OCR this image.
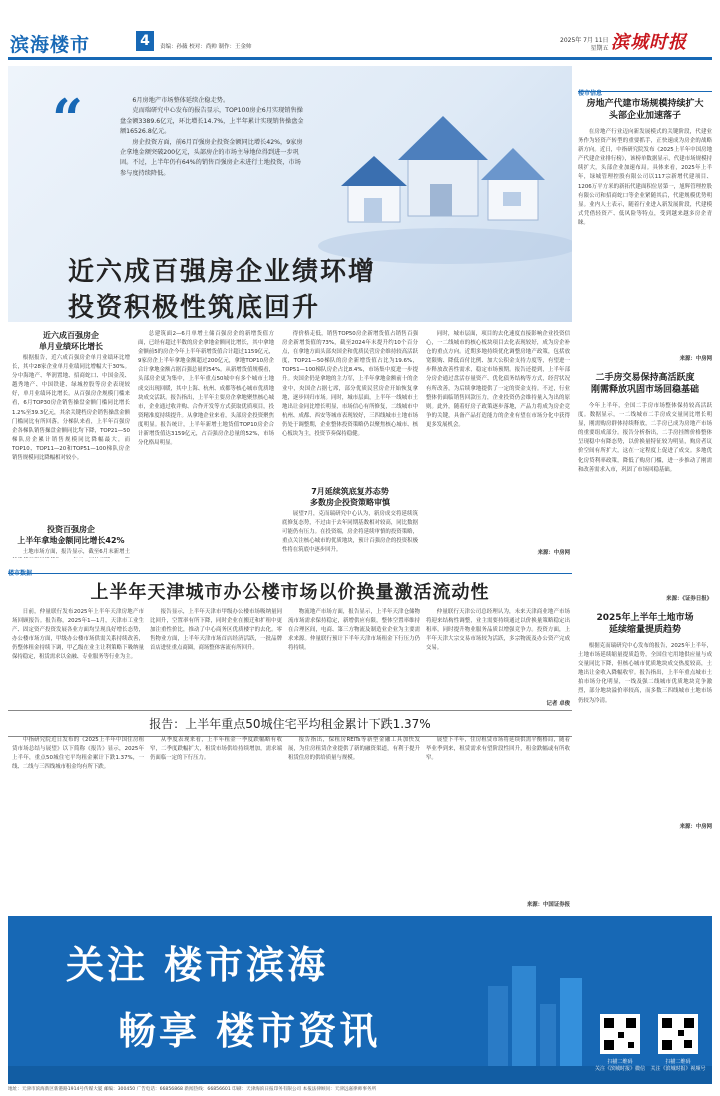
滨海楼市	4	责编：孙薇 校对：尚帅 制作：王金帅
2025年 7月 11日
星期五 滨城时报
“	6月房地产市场整体延续企稳走势。

克而瑞研究中心发布的报告显示，TOP100房企6月实现销售操盘金额3389.6亿元，环比增长14.7%，上半年累计实现销售操盘金额16526.8亿元。

房企投资方面，前6月百强房企投资金额同比增长42%，9家房企拿地金额突破200亿元，头部房企的市场主导地位得到进一步巩固。不过，上半年仍有64%的销售百强房企未进行土地投资，市场参与度持续降低。

近六成百强房企业绩环增
投资积极性筑底回升
近六成百强房企
单月业绩环比增长

根据报告，近六成百强房企单月业绩环比增长，其中28家企业单月业绩同比增幅大于30%。分中海地产、华润置地、招商蛇口、中国金茂、越秀地产、中国铁建、绿城控股等房企表现较好，单月业绩环比增长。从百强房企规模门槛来看，6月TOP30房企销售操盘金额门槛同比增长1.2%至39.3亿元，其余关键档房企销售操盘金额门槛同比有所回落。分梯队来看，上半年百强房企各梯队销售操盘金额同比均下降，TOP21—50梯队房企累计销售规模同比降幅最大，而TOP10、TOP11—20和TOP51—100梯队房企销售规模同比降幅相对较小。

投资百强房企
上半年拿地金额同比增长42%

土地市场方面，报告显示，截至6月末新增土

总建筑面2—6月单增土储百强房企的新增货值方面，已经有超过半数的房企拿地金额同比增长，其中拿地金额前5的房企今年上半年新增货值合计超过1159亿元，9家房企上半年拿地金额超过200亿元，拿地TOP10房企合计拿地金额占据百强总量的54%。从新增货值规模看，头部房企更为集中，上半年重点50城中有多个城市土地成交出现回暖，其中上海、杭州、成都等核心城市优质地块成交活跃。报告指出，上半年主要房企拿地聚焦核心城市，企业通过收并购、合作开发等方式获取优质项目，投资精准度持续提升。从拿地企业来看，头部房企投资聚焦度明显。报告统计，上半年新增土地货值TOP10房企合计新增货值达3159亿元，占百强房企总量的52%，市场分化格局明显。

得价格走低，销售TOP50房企新增货值占销售百强房企新增货值的73%，截至2024年末提升约10个百分点，在拿地方面头部央国企和优质民营房企维持较高活跃度，TOP21—50梯队的房企新增货值占比为19.6%，TOP51—100梯队房企占比8.4%，市场集中度进一步提升。央国企仍是拿地的主力军，上半年拿地金额前十的企业中，央国企占据七席，部分优质民营房企开始恢复拿地，逐步回归市场。同时，城市层面，上半年一线城市土地出让金同比增长明显，市场信心有所修复，二线城市中杭州、成都、西安等城市表现较好，三四线城市土地市场仍处于调整期，企业整体投资策略仍以聚焦核心城市、核心板块为主，投资节奏保持稳健。

7月延续筑底复苏态势
多数房企投资策略审慎

展望7月，克而瑞研究中心认为，新房成交将延续筑底修复态势，不过由于去年同期基数相对较高，同比数据可能仍有压力。在投资端，房企将延续审慎的投资策略，重点关注核心城市的优质地块，预计百强房企的投资积极性将在筑底中逐步回升。

同时，城市层面，项目的去化速度直接影响企业投资信心，一二线城市的核心板块项目去化表现较好，成为房企补仓的重点方向。近期多地持续优化调整房地产政策，包括放宽限购、降低首付比例、加大公积金支持力度等，有望进一步释放改善性需求，稳定市场预期。报告还提到，上半年部分房企通过盘活存量资产、优化债务结构等方式，经营状况有所改善，为后续拿地提供了一定的资金支持。不过，行业整体仍面临销售回款压力，企业投资仍会维持量入为出的原则。此外，随着好房子政策逐步落地，产品力将成为房企竞争的关键，具备产品打造能力的企业有望在市场分化中获得更多发展机会。

来源：中房网
楼市信息
房地产代建市场规模持续扩大
头部企业加速落子
在房地产行业迈向新发展模式的关键阶段，代建业务作为轻资产转型的重要抓手，正快速成为房企的战略新方向。近日，中指研究院发布《2025上半年中国房地产代建企业排行榜》，该榜单数据显示，代建市场规模持续扩大，头部企业加速布局。具体来看，2025年上半年，绿城管理控股有限公司以117宗新增代建项目、1206万平方米的新拓代建面积位居第一，旭辉管理控股有限公司和招商蛇口等企业紧随其后，代建规模优势明显。业内人士表示，随着行业进入新发展阶段，代建模式凭借轻资产、低风险等特点，受到越来越多房企青睐。
来源：中房网
二手房交易保持高活跃度
刚需释放巩固市场回稳基础
今年上半年，全国二手房市场整体保持较高活跃度。数据显示，一二线城市二手房成交量同比增长明显，刚需购房群体持续释放，二手房已成为房地产市场的重要组成部分。报告分析指出，二手房挂牌价格整体呈现稳中有降态势，以价换量特征较为明显，购房者议价空间有所扩大，这在一定程度上促进了成交。多地优化房贷利率政策，降低了购房门槛，进一步推动了刚需和改善需求入市，巩固了市场回稳基础。
来源：《证券日报》
2025年上半年土地市场
延续缩量提质趋势
根据克而瑞研究中心发布的报告，2025年上半年，土地市场延续缩量提质趋势，全国住宅用地供应量与成交量同比下降，但核心城市优质地块成交热度较高，土地出让金收入降幅收窄。报告指出，上半年重点城市土拍市场分化明显，一线及强二线城市优质地块竞争激烈，部分地块溢价率较高，而多数三四线城市土地市场仍较为冷清。
来源：中房网
楼市数据
上半年天津城市办公楼市场以价换量激活流动性

日前，仲量联行发布2025年上半年天津房地产市场回顾报告。报告称，2025年1—1月，天津市工业生产、固定资产投资发展各业方面均呈现良好增长态势，办公楼市场方面，甲级办公楼市场供需关系持续改善，仍整体租金持续下调，甲乙级在业主让利策略下吸纳量保持稳定，租赁需求以金融、专业服务等行业为主。

报告显示，上半年天津市甲级办公楼市场吸纳量同比回升，空置率有所下降，同时企业在搬迁和扩租中更加注重性价比，推动了中心商务区优质楼宇的去化。零售物业方面，上半年天津市场首店经济活跃，一批品牌首店进驻重点商圈，商场整体客流有所回升。

物流地产市场方面，报告显示，上半年天津仓储物流市场需求保持稳定，新增供应有限，整体空置率维持在合理区间，电商、第三方物流及制造业企业为主要需求来源。仲量联行预计下半年天津市场租金下行压力仍将持续。

仲量联行天津公司总经理认为，未来天津商业地产市场将迎来结构性调整，业主需要持续通过以价换量策略稳定出租率，同时提升物业服务品质以增强竞争力。投资方面，上半年天津大宗交易市场较为活跃，多宗物流及办公资产完成交易。

记者 卓俊
报告：上半年重点50城住宅平均租金累计下跌1.37%

中指研究院近日发布的《2025上半年中国住房租赁市场总结与展望》以下简称《报告》显示，2025年上半年，重点50城住宅平均租金累计下跌1.37%，一线、二线与三四线城市租金均有所下跌。

从季度表现来看，上半年租金一季度跌幅略有收窄，二季度跌幅扩大，租赁市场供给持续增加，需求端仍面临一定的下行压力。

报告指出，保租房REITs等新型金融工具加快发展，为住房租赁企业提供了新的融资渠道，有利于提升租赁住房的供给质量与规模。

展望下半年，住房租赁市场将延续供需平衡格局，随着毕业季到来，租赁需求有望阶段性回升，租金跌幅或有所收窄。

来源：中国证券报
关注 楼市滨海
畅享 楼市资讯
扫描二维码
关注《滨城时报》微信
扫描二维码
关注《滨城时报》视频号
地址：天津市滨海新区新港路1914号传媒大厦 邮编：300450 广告电话：66856868 新闻热线：66856601 印刷：天津海滨日报印务有限公司 本报法律顾问：天津远嘉律师事务所
